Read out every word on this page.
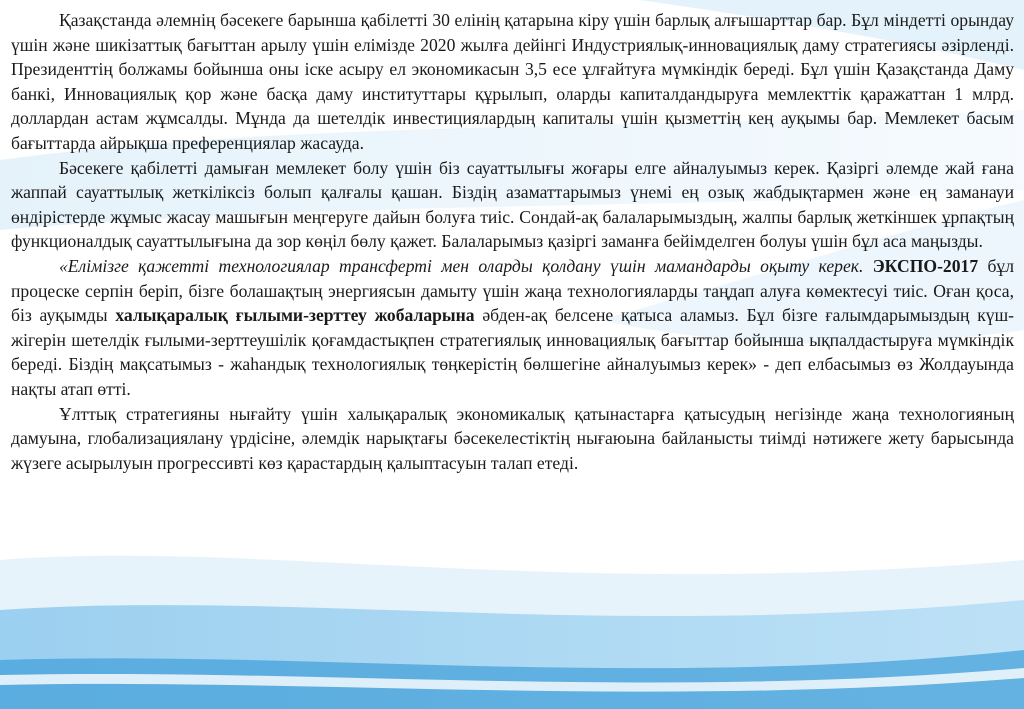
Қазақстанда әлемнің бәсекеге барынша қабілетті 30 елінің қатарына кіру үшін барлық алғышарттар бар. Бұл міндетті орындау үшін және шикізаттық бағыттан арылу үшін елімізде 2020 жылға дейінгі Индустриялық-инновациялық даму стратегиясы әзірленді. Президенттің болжамы бойынша оны іске асыру ел экономикасын 3,5 есе ұлғайтуға мүмкіндік береді. Бұл үшін Қазақстанда Даму банкі, Инновациялық қор және басқа даму институттары құрылып, оларды капиталдандыруға мемлекттік қаражаттан 1 млрд. доллардан астам жұмсалды. Мұнда да шетелдік инвестициялардың капиталы үшін қызметтің кең ауқымы бар. Мемлекет басым бағыттарда айрықша преференциялар жасауда.

Бәсекеге қабілетті дамыған мемлекет болу үшін біз сауаттылығы жоғары елге айналуымыз керек. Қазіргі әлемде жай ғана жаппай сауаттылық жеткіліксіз болып қалғалы қашан. Біздің азаматтарымыз үнемі ең озық жабдықтармен және ең заманауи өндірістерде жұмыс жасау машығын меңгеруге дайын болуға тиіс. Сондай-ақ балаларымыздың, жалпы барлық жеткіншек ұрпақтың функционалдық сауаттылығына да зор көңіл бөлу қажет. Балаларымыз қазіргі заманға бейімделген болуы үшін бұл аса маңызды.

«Елімізге қажетті технологиялар трансферті мен оларды қолдану үшін мамандарды оқыту керек. ЭКСПО-2017 бұл процеске серпін беріп, бізге болашақтың энергиясын дамыту үшін жаңа технологияларды таңдап алуға көмектесуі тиіс. Оған қоса, біз ауқымды халықаралық ғылыми-зерттеу жобаларына әбден-ақ белсене қатыса аламыз. Бұл бізге ғалымдарымыздың күш-жігерін шетелдік ғылыми-зерттеушілік қоғамдастықпен стратегиялық инновациялық бағыттар бойынша ықпалдастыруға мүмкіндік береді. Біздің мақсатымыз - жаһандық технологиялық төңкерістің бөлшегіне айналуымыз керек» - деп елбасымыз өз Жолдауында нақты атап өтті.

Ұлттық стратегияны нығайту үшін халықаралық экономикалық қатынастарға қатысудың негізінде жаңа технологияның дамуына, глобализациялану үрдісіне, әлемдік нарықтағы бәсекелестіктің нығаюына байланысты тиімді нәтижеге жету барысында жүзеге асырылуын прогрессивті көз қарастардың қалыптасуын талап етеді.
